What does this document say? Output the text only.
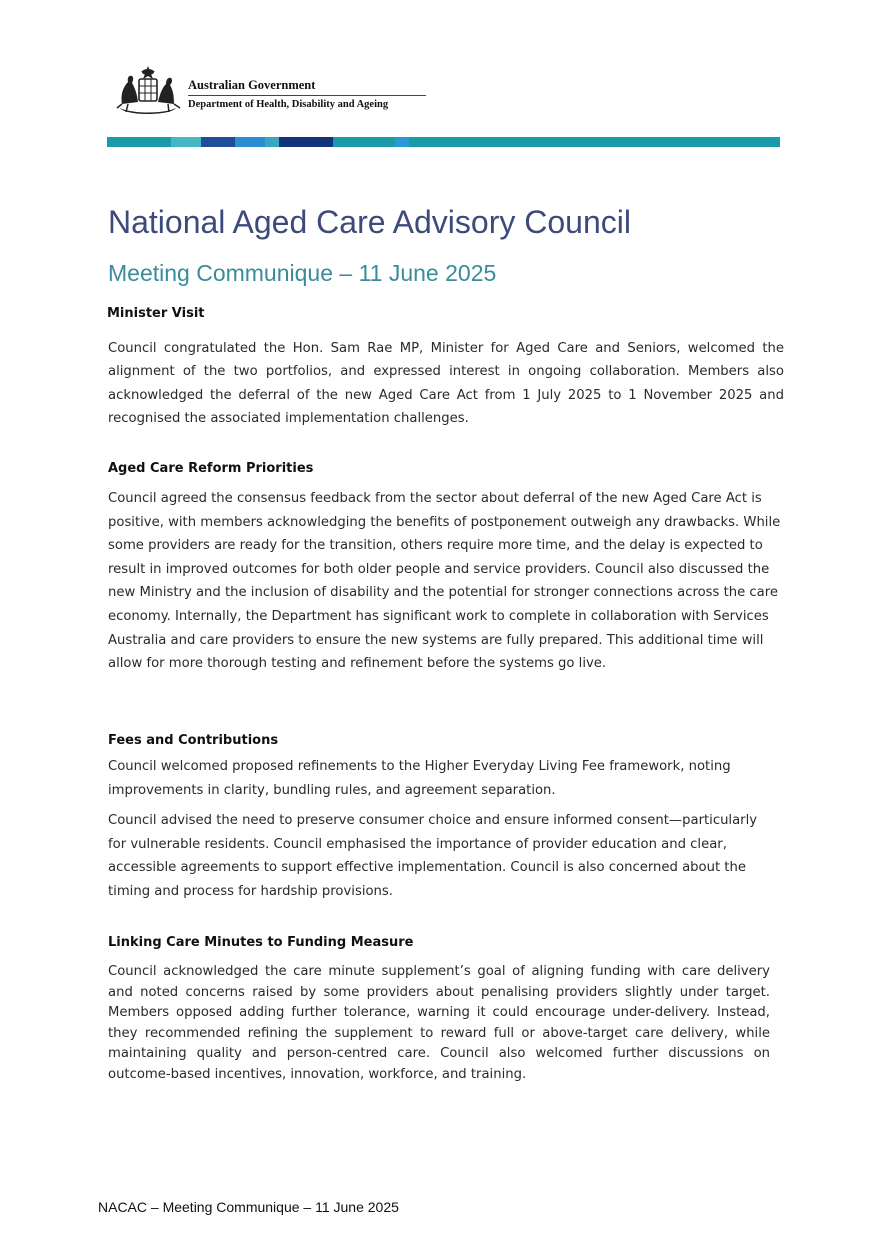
Australian Government
Department of Health, Disability and Ageing
National Aged Care Advisory Council
Meeting Communique – 11 June 2025
Minister Visit

Council congratulated the Hon. Sam Rae MP, Minister for Aged Care and Seniors, welcomed the alignment of the two portfolios, and expressed interest in ongoing collaboration. Members also acknowledged the deferral of the new Aged Care Act from 1 July 2025 to 1 November 2025 and recognised the associated implementation challenges.

Aged Care Reform Priorities

Council agreed the consensus feedback from the sector about deferral of the new Aged Care Act is positive, with members acknowledging the benefits of postponement outweigh any drawbacks. While some providers are ready for the transition, others require more time, and the delay is expected to result in improved outcomes for both older people and service providers. Council also discussed the new Ministry and the inclusion of disability and the potential for stronger connections across the care economy. Internally, the Department has significant work to complete in collaboration with Services Australia and care providers to ensure the new systems are fully prepared. This additional time will allow for more thorough testing and refinement before the systems go live.

Fees and Contributions

Council welcomed proposed refinements to the Higher Everyday Living Fee framework, noting improvements in clarity, bundling rules, and agreement separation.

Council advised the need to preserve consumer choice and ensure informed consent—particularly for vulnerable residents. Council emphasised the importance of provider education and clear, accessible agreements to support effective implementation. Council is also concerned about the timing and process for hardship provisions.

Linking Care Minutes to Funding Measure

Council acknowledged the care minute supplement’s goal of aligning funding with care delivery and noted concerns raised by some providers about penalising providers slightly under target. Members opposed adding further tolerance, warning it could encourage under-delivery. Instead, they recommended refining the supplement to reward full or above-target care delivery, while maintaining quality and person-centred care. Council also welcomed further discussions on outcome-based incentives, innovation, workforce, and training.

NACAC – Meeting Communique – 11 June 2025
